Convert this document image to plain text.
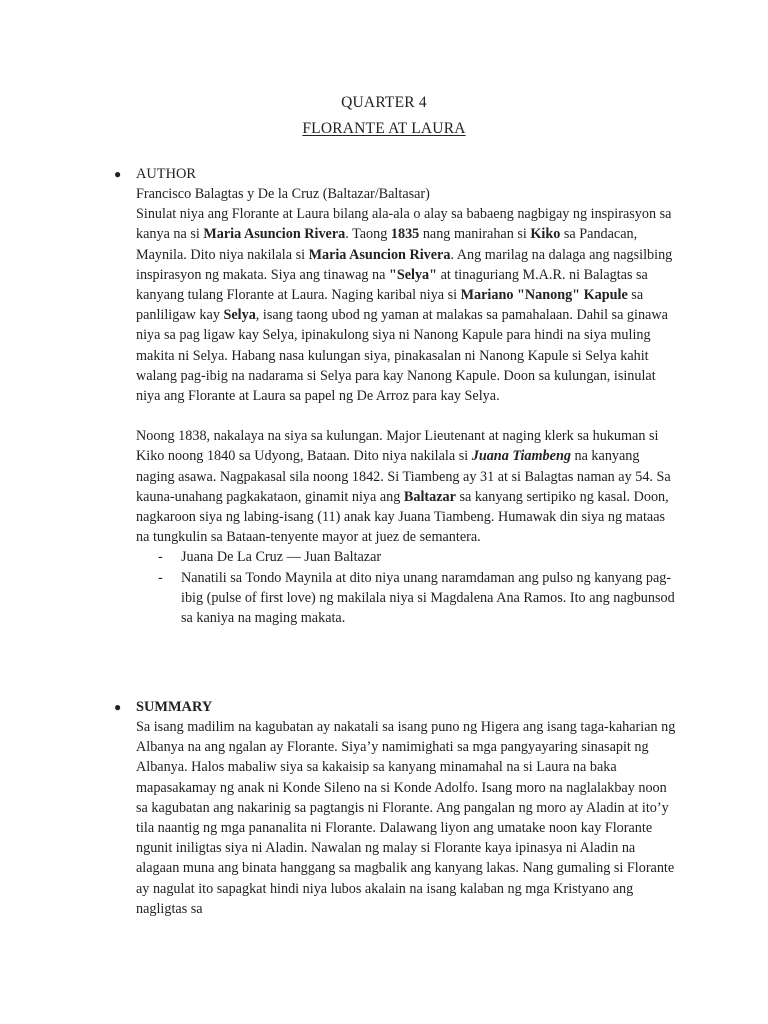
QUARTER 4
FLORANTE AT LAURA
● AUTHOR
Francisco Balagtas y De la Cruz (Baltazar/Baltasar)

Sinulat niya ang Florante at Laura bilang ala-ala o alay sa babaeng nagbigay ng inspirasyon sa kanya na si Maria Asuncion Rivera. Taong 1835 nang manirahan si Kiko sa Pandacan, Maynila. Dito niya nakilala si Maria Asuncion Rivera. Ang marilag na dalaga ang nagsilbing inspirasyon ng makata. Siya ang tinawag na "Selya" at tinaguriang M.A.R. ni Balagtas sa kanyang tulang Florante at Laura. Naging karibal niya si Mariano "Nanong" Kapule sa panliligaw kay Selya, isang taong ubod ng yaman at malakas sa pamahalaan. Dahil sa ginawa niya sa pag ligaw kay Selya, ipinakulong siya ni Nanong Kapule para hindi na siya muling makita ni Selya. Habang nasa kulungan siya, pinakasalan ni Nanong Kapule si Selya kahit walang pag-ibig na nadarama si Selya para kay Nanong Kapule. Doon sa kulungan, isinulat niya ang Florante at Laura sa papel ng De Arroz para kay Selya.

Noong 1838, nakalaya na siya sa kulungan. Major Lieutenant at naging klerk sa hukuman si Kiko noong 1840 sa Udyong, Bataan. Dito niya nakilala si Juana Tiambeng na kanyang naging asawa. Nagpakasal sila noong 1842. Si Tiambeng ay 31 at si Balagtas naman ay 54. Sa kauna-unahang pagkakataon, ginamit niya ang Baltazar sa kanyang sertipiko ng kasal. Doon, nagkaroon siya ng labing-isang (11) anak kay Juana Tiambeng. Humawak din siya ng mataas na tungkulin sa Bataan-tenyente mayor at juez de semantera.

- Juana De La Cruz — Juan Baltazar
- Nanatili sa Tondo Maynila at dito niya unang naramdaman ang pulso ng kanyang pag-ibig (pulse of first love) ng makilala niya si Magdalena Ana Ramos. Ito ang nagbunsod sa kaniya na maging makata.
● SUMMARY

Sa isang madilim na kagubatan ay nakatali sa isang puno ng Higera ang isang taga-kaharian ng Albanya na ang ngalan ay Florante. Siya’y namimighati sa mga pangyayaring sinasapit ng Albanya. Halos mabaliw siya sa kakaisip sa kanyang minamahal na si Laura na baka mapasakamay ng anak ni Konde Sileno na si Konde Adolfo. Isang moro na naglalakbay noon sa kagubatan ang nakarinig sa pagtangis ni Florante. Ang pangalan ng moro ay Aladin at ito’y tila naantig ng mga pananalita ni Florante. Dalawang liyon ang umatake noon kay Florante ngunit iniligtas siya ni Aladin. Nawalan ng malay si Florante kaya ipinasya ni Aladin na alagaan muna ang binata hanggang sa magbalik ang kanyang lakas. Nang gumaling si Florante ay nagulat ito sapagkat hindi niya lubos akalain na isang kalaban ng mga Kristyano ang nagligtas sa
